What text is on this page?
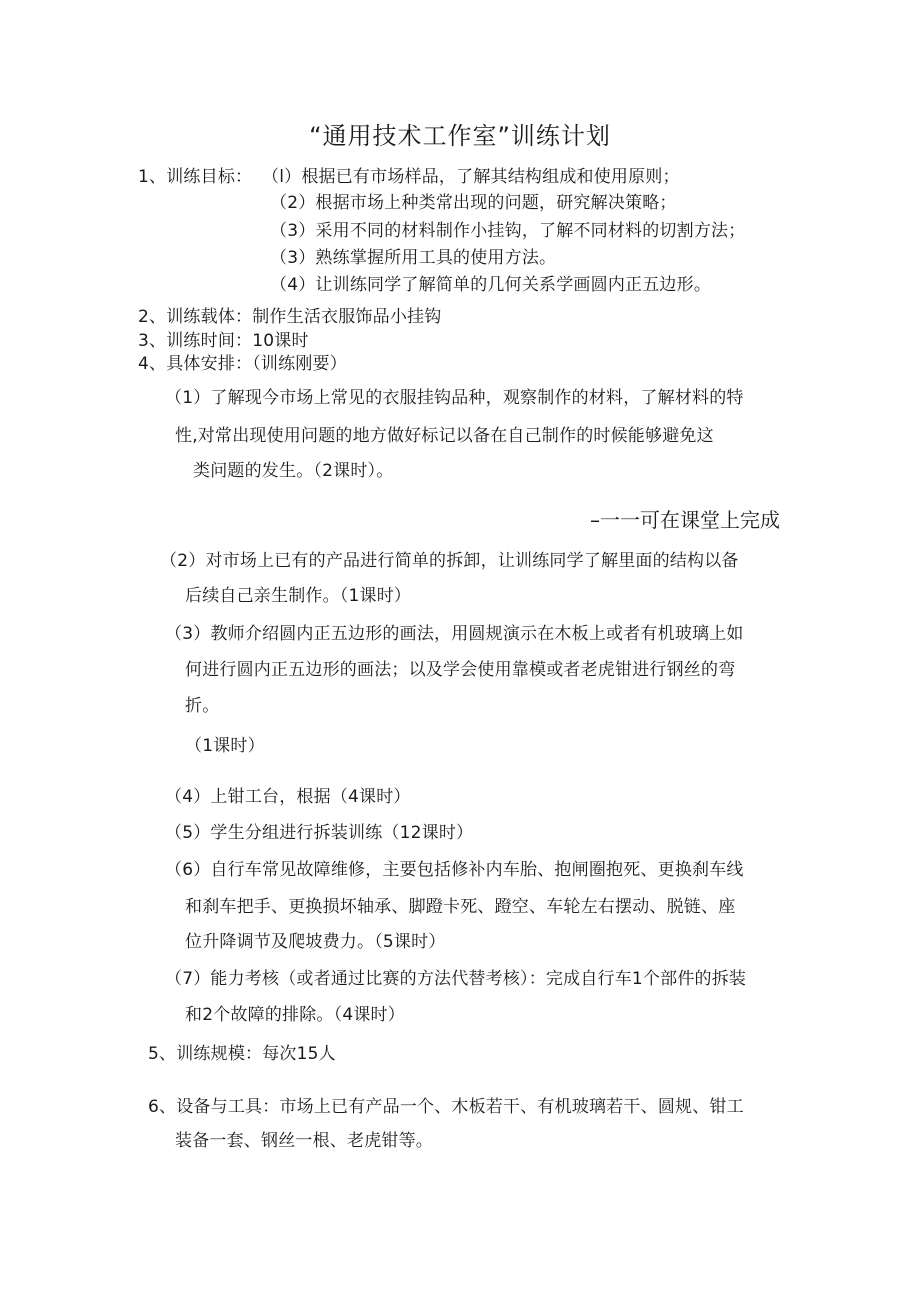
“通用技术工作室”训练计划
1、训练目标： （l）根据已有市场样品，了解其结构组成和使用原则；
（2）根据市场上种类常出现的问题，研究解决策略；
（3）采用不同的材料制作小挂钩，了解不同材料的切割方法；
（3）熟练掌握所用工具的使用方法。
（4）让训练同学了解简单的几何关系学画圆内正五边形。
2、训练载体：制作生活衣服饰品小挂钩
3、训练时间：10课时
4、具体安排：（训练刚要）
（1）了解现今市场上常见的衣服挂钩品种，观察制作的材料，了解材料的特
性,对常出现使用问题的地方做好标记以备在自己制作的时候能够避免这
类问题的发生。（2课时）。
–一一可在课堂上完成
（2）对市场上已有的产品进行简单的拆卸，让训练同学了解里面的结构以备
后续自己亲生制作。（1课时）
（3）教师介绍圆内正五边形的画法，用圆规演示在木板上或者有机玻璃上如
何进行圆内正五边形的画法；以及学会使用靠模或者老虎钳进行钢丝的弯
折。
（1课时）
（4）上钳工台，根据（4课时）
（5）学生分组进行拆装训练（12课时）
（6）自行车常见故障维修，主要包括修补内车胎、抱闸圈抱死、更换刹车线
和刹车把手、更换损坏轴承、脚蹬卡死、蹬空、车轮左右摆动、脱链、座
位升降调节及爬坡费力。（5课时）
（7）能力考核（或者通过比赛的方法代替考核）：完成自行车1个部件的拆装
和2个故障的排除。（4课时）
5、训练规模：每次15人
6、设备与工具：市场上已有产品一个、木板若干、有机玻璃若干、圆规、钳工
装备一套、钢丝一根、老虎钳等。
